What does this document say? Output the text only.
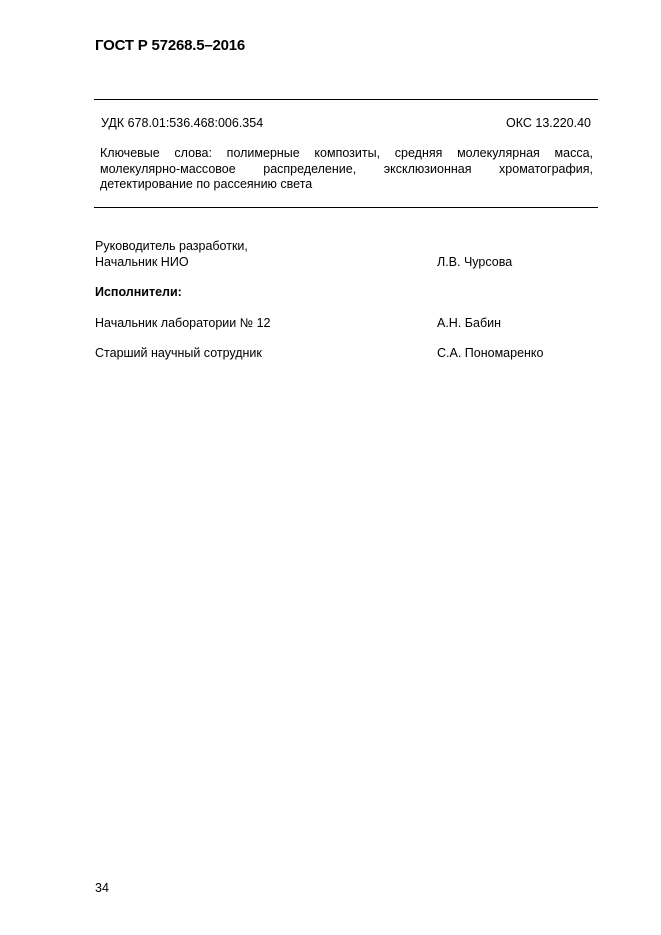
ГОСТ Р 57268.5–2016
УДК 678.01:536.468:006.354	ОКС 13.220.40
Ключевые слова: полимерные композиты, средняя молекулярная масса, молекулярно-массовое распределение, эксклюзионная хроматография, детектирование по рассеянию света
Руководитель разработки,
Начальник НИО	Л.В. Чурсова
Исполнители:
Начальник лаборатории № 12	А.Н. Бабин
Старший научный сотрудник	С.А. Пономаренко
34
